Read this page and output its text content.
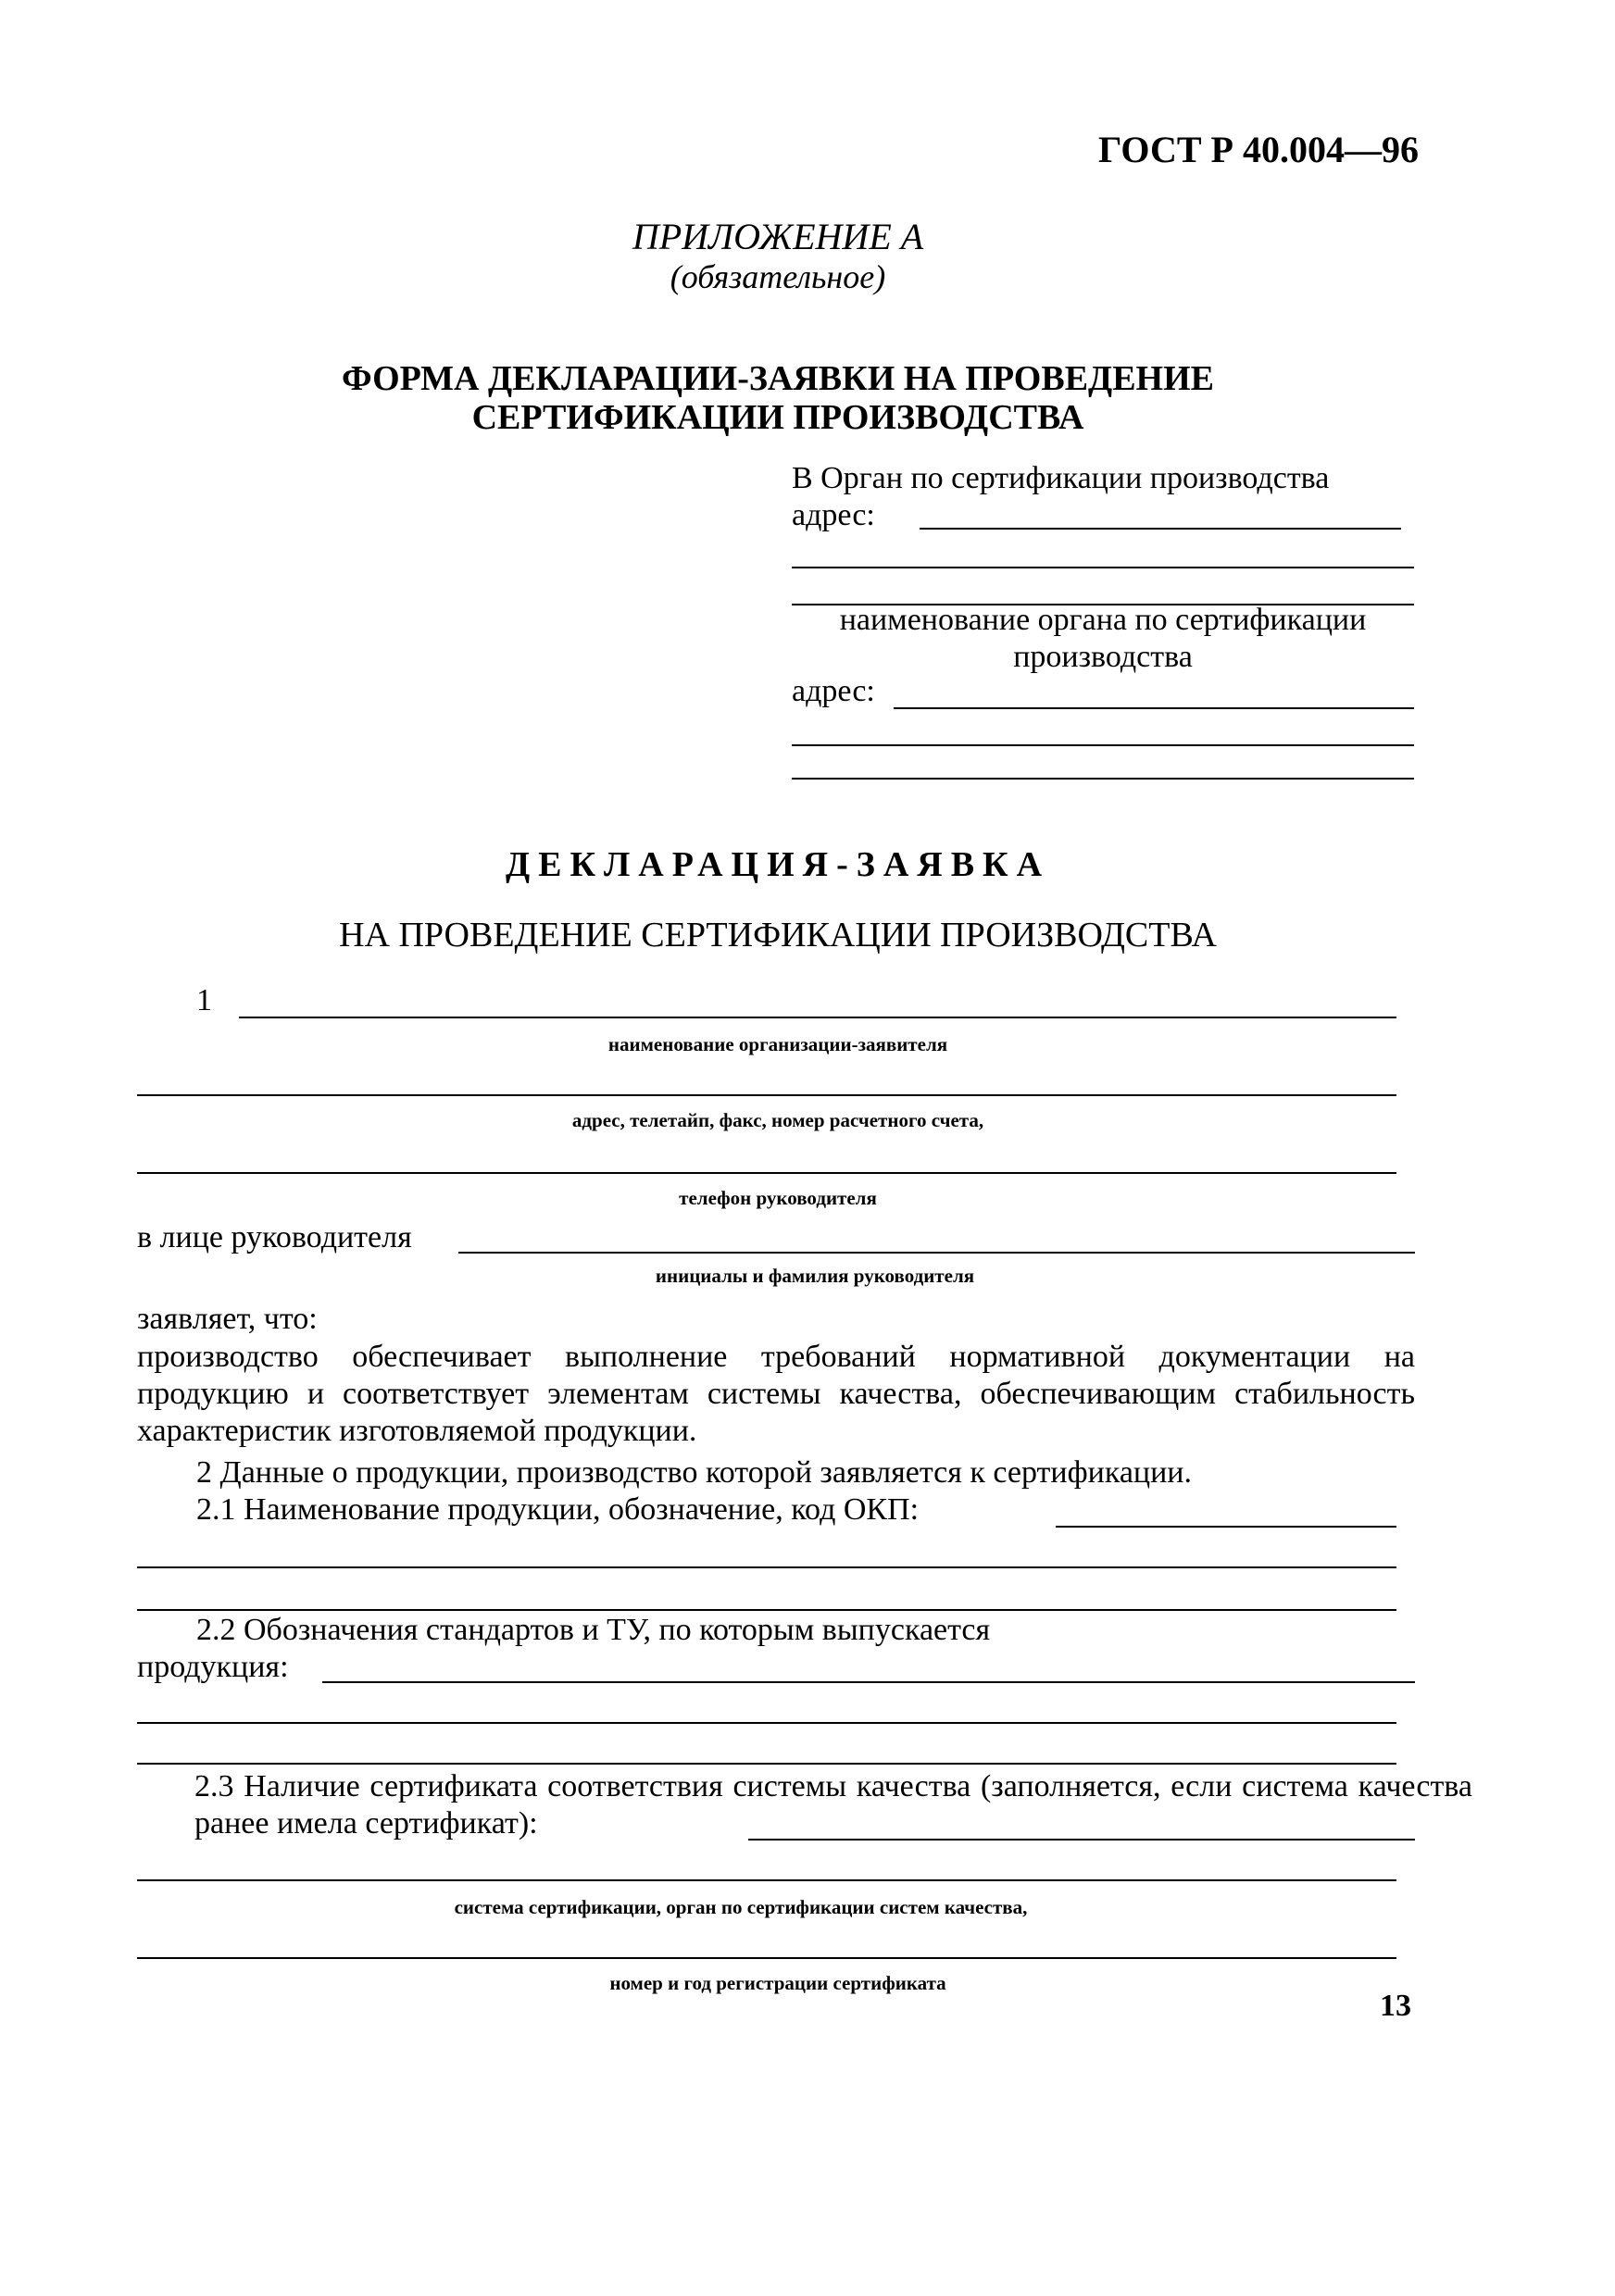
ГОСТ Р 40.004—96
ПРИЛОЖЕНИЕ А
(обязательное)
ФОРМА ДЕКЛАРАЦИИ-ЗАЯВКИ НА ПРОВЕДЕНИЕ
СЕРТИФИКАЦИИ ПРОИЗВОДСТВА
В Орган по сертификации производства
адрес:
наименование органа по сертификации
производства
адрес:
ДЕКЛАРАЦИЯ-ЗАЯВКА
НА ПРОВЕДЕНИЕ СЕРТИФИКАЦИИ ПРОИЗВОДСТВА
1
наименование организации-заявителя
адрес, телетайп, факс, номер расчетного счета,
телефон руководителя
в лице руководителя
инициалы и фамилия руководителя
заявляет, что:
производство обеспечивает выполнение требований нормативной документации на продукцию и соответствует элементам системы качества, обеспечивающим стабильность характеристик изготовляемой продукции.
2 Данные о продукции, производство которой заявляется к сертификации.
2.1 Наименование продукции, обозначение, код ОКП:
2.2 Обозначения стандартов и ТУ, по которым выпускается
продукция:
2.3 Наличие сертификата соответствия системы качества (заполняется, если система качества ранее имела сертификат):
система сертификации, орган по сертификации систем качества,
номер и год регистрации сертификата
13
